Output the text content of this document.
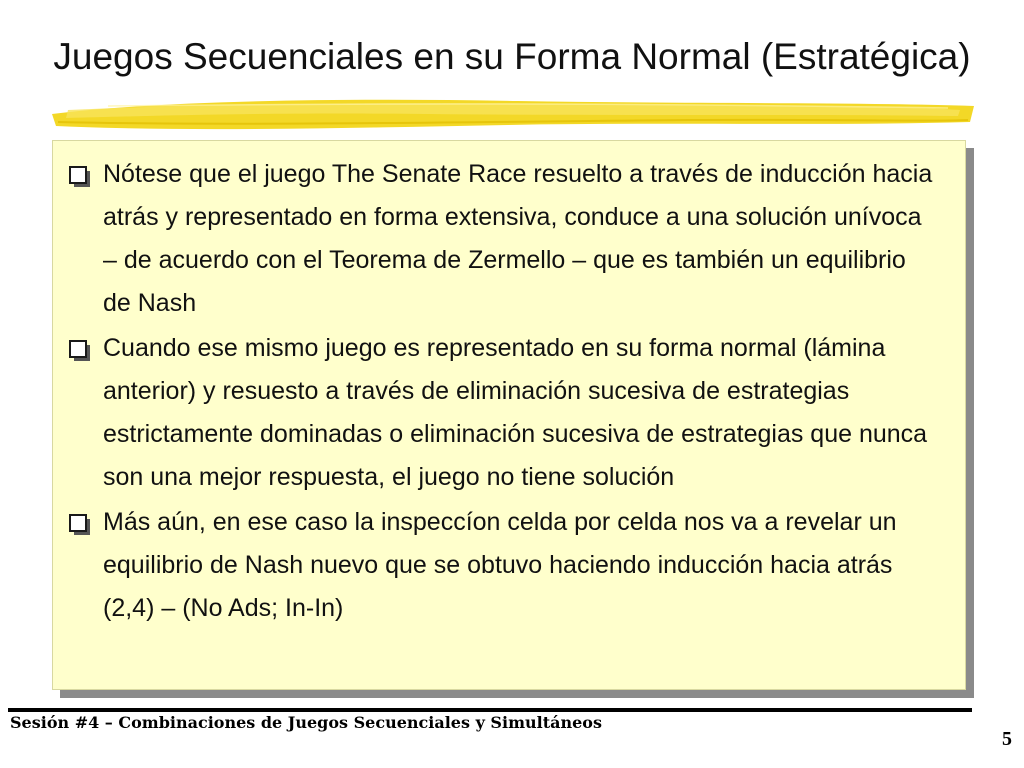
Juegos Secuenciales en su Forma Normal (Estratégica)
Nótese que el juego The Senate Race resuelto a través de inducción hacia atrás y representado en forma extensiva, conduce a una solución unívoca – de acuerdo con el Teorema de Zermello – que es también un equilibrio de Nash
Cuando ese mismo juego es representado en su forma normal (lámina anterior) y resuesto a través de eliminación sucesiva de estrategias estrictamente dominadas o eliminación sucesiva de estrategias que nunca son una mejor respuesta, el juego no tiene solución
Más aún, en ese caso la inspeccíon celda por celda nos va a revelar un equilibrio de Nash nuevo que se obtuvo haciendo inducción hacia atrás (2,4) – (No Ads; In-In)
Sesión #4 – Combinaciones de Juegos Secuenciales y Simultáneos
5
